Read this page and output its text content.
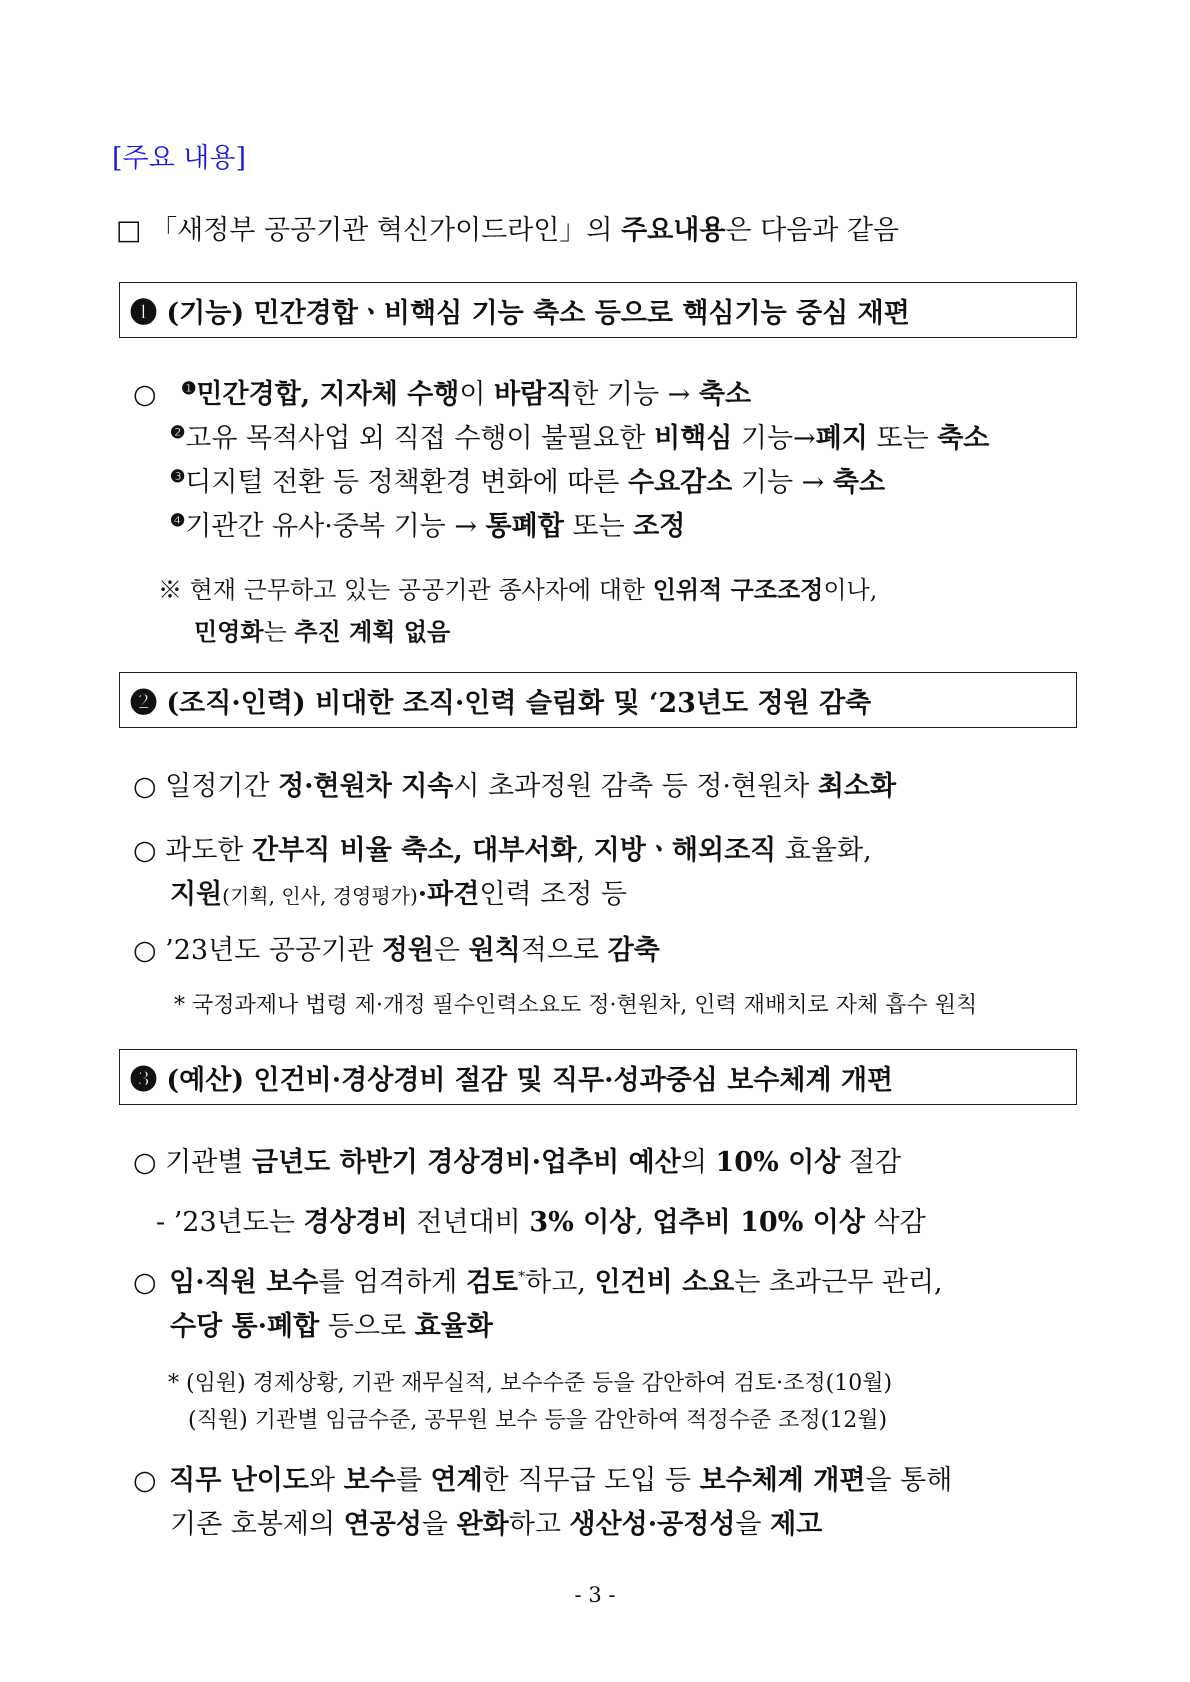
[주요 내용]
□ 「새정부 공공기관 혁신가이드라인」의 주요내용은 다음과 같음
❶ (기능) 민간경합ㆍ비핵심 기능 축소 등으로 핵심기능 중심 재편
○ $^❶$민간경합, 지자체 수행이 바람직한 기능 → 축소
$^❷$고유 목적사업 외 직접 수행이 불필요한 비핵심 기능→폐지 또는 축소
$^❸$디지털 전환 등 정책환경 변화에 따른 수요감소 기능 → 축소
$^❹$기관간 유사·중복 기능 → 통폐합 또는 조정
※ 현재 근무하고 있는 공공기관 종사자에 대한 인위적 구조조정이나,
민영화는 추진 계획 없음
❷ (조직·인력) 비대한 조직·인력 슬림화 및 ‘23년도 정원 감축
○ 일정기간 정·현원차 지속시 초과정원 감축 등 정·현원차 최소화
○ 과도한 간부직 비율 축소, 대부서화, 지방ㆍ해외조직 효율화,
지원(기획, 인사, 경영평가)·파견인력 조정 등
○ ’23년도 공공기관 정원은 원칙적으로 감축
* 국정과제나 법령 제·개정 필수인력소요도 정·현원차, 인력 재배치로 자체 흡수 원칙
❸ (예산) 인건비·경상경비 절감 및 직무·성과중심 보수체계 개편
○ 기관별 금년도 하반기 경상경비·업추비 예산의 10% 이상 절감
- ’23년도는 경상경비 전년대비 3% 이상, 업추비 10% 이상 삭감
○ 임·직원 보수를 엄격하게 검토*하고, 인건비 소요는 초과근무 관리,
수당 통·폐합 등으로 효율화
* (임원) 경제상황, 기관 재무실적, 보수수준 등을 감안하여 검토·조정(10월)
(직원) 기관별 임금수준, 공무원 보수 등을 감안하여 적정수준 조정(12월)
○ 직무 난이도와 보수를 연계한 직무급 도입 등 보수체계 개편을 통해
기존 호봉제의 연공성을 완화하고 생산성·공정성을 제고
- 3 -
